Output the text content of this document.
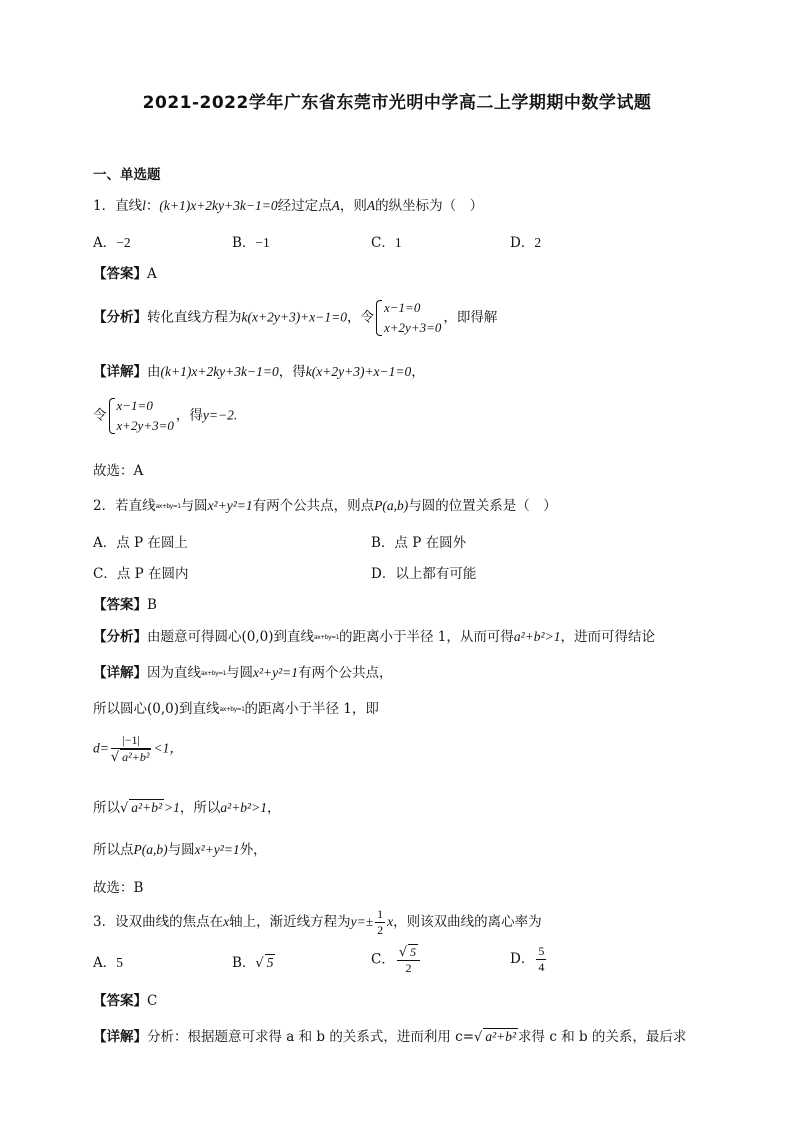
2021-2022学年广东省东莞市光明中学高二上学期期中数学试题
一、单选题
1．直线l：(k+1)x+2ky+3k−1=0经过定点A，则A的纵坐标为（　）
A．−2	B．−1	C．1	D．2
【答案】A
【分析】转化直线方程为k(x+2y+3)+x−1=0，令
x−1=0
x+2y+3=0
，即得解
【详解】由(k+1)x+2ky+3k−1=0，得k(x+2y+3)+x−1=0，
令
x−1=0
x+2y+3=0
，得y=−2.
故选：A
2．若直线ax+by=1与圆x²+y²=1有两个公共点，则点P(a,b)与圆的位置关系是（　）
A．点 P 在圆上	B．点 P 在圆外
C．点 P 在圆内	D．以上都有可能
【答案】B
【分析】由题意可得圆心(0,0)到直线ax+by=1的距离小于半径 1，从而可得a²+b²>1，进而可得结论
【详解】因为直线ax+by=1与圆x²+y²=1有两个公共点，
所以圆心(0,0)到直线ax+by=1的距离小于半径 1，即
$d= \frac{|-1|}{\text{√ a²+b²}} <1$，
所以√ a²+b² >1，所以a²+b²>1，
所以点P(a,b)与圆x²+y²=1外，
故选：B
3．设双曲线的焦点在x轴上，渐近线方程为$y=\pm \frac{1}{2}$ x，则该双曲线的离心率为
A．5	B．√ 5	C． $\frac{√ 5}{2}$	D． $\frac{5}{4}$
【答案】C
【详解】分析：根据题意可求得 a 和 b 的关系式，进而利用 c=√ a²+b² 求得 c 和 b 的关系，最后求
